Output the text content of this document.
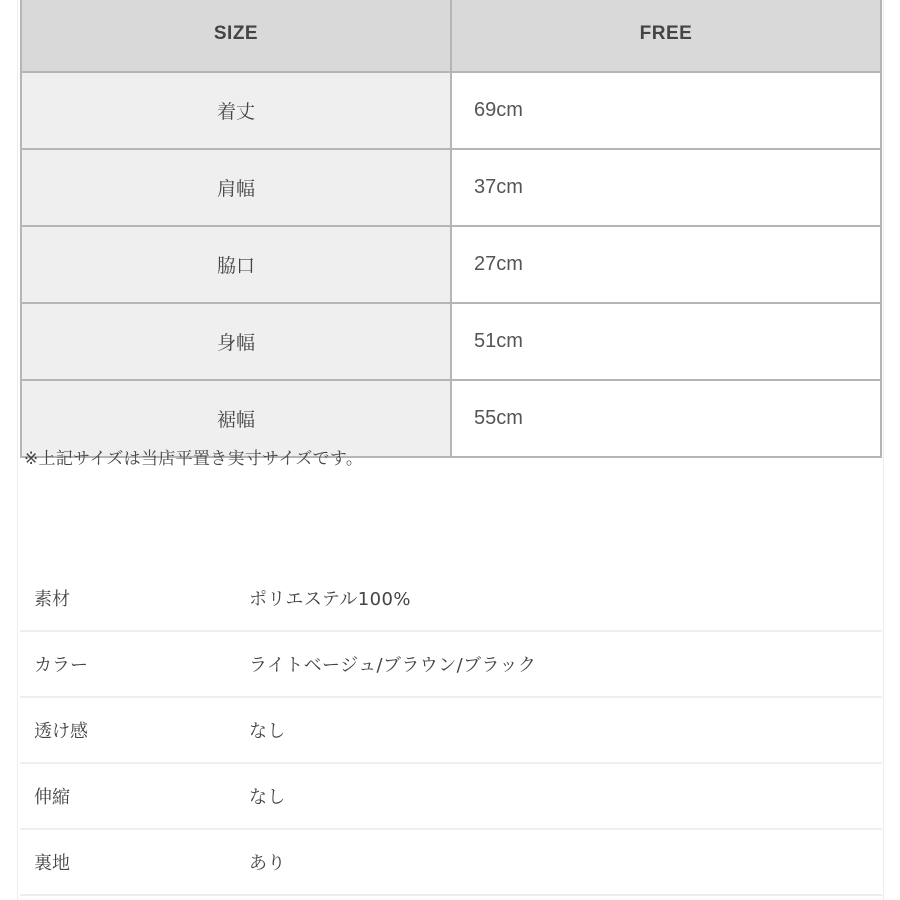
SIZE	FREE
着丈	69cm
肩幅	37cm
脇口	27cm
身幅	51cm
裾幅	55cm
※上記サイズは当店平置き実寸サイズです。
素材	ポリエステル100%
カラー	ライトベージュ/ブラウン/ブラック
透け感	なし
伸縮	なし
裏地	あり
